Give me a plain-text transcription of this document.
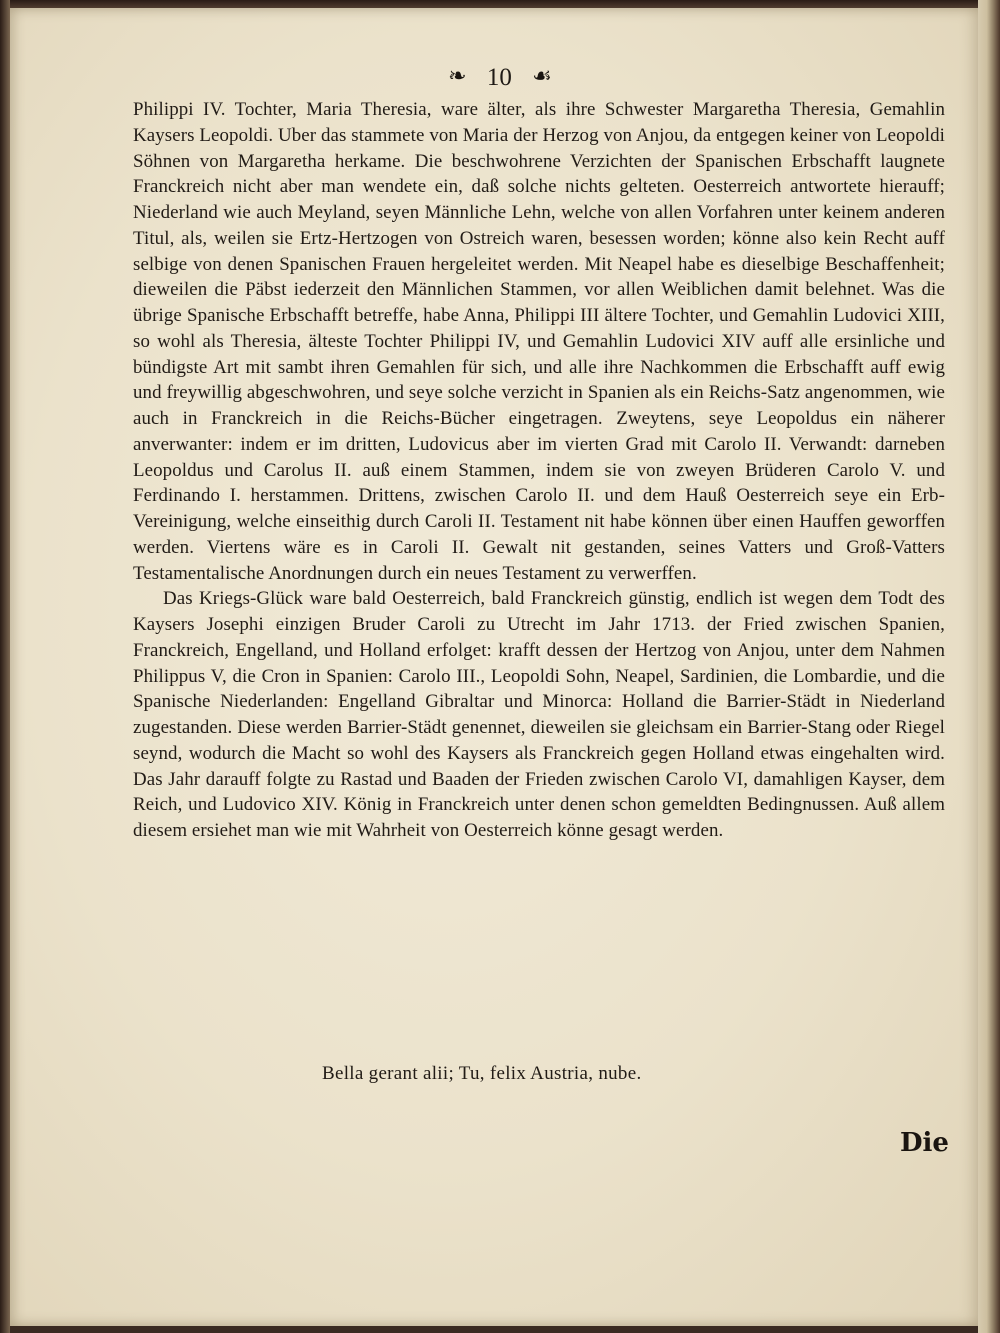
❧ 10 ☙

Philippi IV. Tochter, Maria Theresia, ware älter, als ihre Schwester Margaretha Theresia, Gemahlin Kaysers Leopoldi. Uber das stammete von Maria der Herzog von Anjou, da entgegen keiner von Leopoldi Söhnen von Margaretha herkame. Die beschwohrene Verzichten der Spanischen Erbschafft laugnete Franckreich nicht aber man wendete ein, daß solche nichts gelteten. Oesterreich antwortete hierauff; Niederland wie auch Meyland, seyen Männliche Lehn, welche von allen Vorfahren unter keinem anderen Titul, als, weilen sie Ertz-Hertzogen von Ostreich waren, besessen worden; könne also kein Recht auff selbige von denen Spanischen Frauen hergeleitet werden. Mit Neapel habe es dieselbige Beschaffenheit; dieweilen die Päbst iederzeit den Männlichen Stammen, vor allen Weiblichen damit belehnet. Was die übrige Spanische Erbschafft betreffe, habe Anna, Philippi III ältere Tochter, und Gemahlin Ludovici XIII, so wohl als Theresia, älteste Tochter Philippi IV, und Gemahlin Ludovici XIV auff alle ersinliche und bündigste Art mit sambt ihren Gemahlen für sich, und alle ihre Nachkommen die Erbschafft auff ewig und freywillig abgeschwohren, und seye solche verzicht in Spanien als ein Reichs-Satz angenommen, wie auch in Franckreich in die Reichs-Bücher eingetragen. Zweytens, seye Leopoldus ein näherer anverwanter: indem er im dritten, Ludovicus aber im vierten Grad mit Carolo II. Verwandt: darneben Leopoldus und Carolus II. auß einem Stammen, indem sie von zweyen Brüderen Carolo V. und Ferdinando I. herstammen. Drittens, zwischen Carolo II. und dem Hauß Oesterreich seye ein Erb-Vereinigung, welche einseithig durch Caroli II. Testament nit habe können über einen Hauffen geworffen werden. Viertens wäre es in Caroli II. Gewalt nit gestanden, seines Vatters und Groß-Vatters Testamentalische Anordnungen durch ein neues Testament zu verwerffen.

Das Kriegs-Glück ware bald Oesterreich, bald Franckreich günstig, endlich ist wegen dem Todt des Kaysers Josephi einzigen Bruder Caroli zu Utrecht im Jahr 1713. der Fried zwischen Spanien, Franckreich, Engelland, und Holland erfolget: krafft dessen der Hertzog von Anjou, unter dem Nahmen Philippus V, die Cron in Spanien: Carolo III., Leopoldi Sohn, Neapel, Sardinien, die Lombardie, und die Spanische Niederlanden: Engelland Gibraltar und Minorca: Holland die Barrier-Städt in Niederland zugestanden. Diese werden Barrier-Städt genennet, dieweilen sie gleichsam ein Barrier-Stang oder Riegel seynd, wodurch die Macht so wohl des Kaysers als Franckreich gegen Holland etwas eingehalten wird. Das Jahr darauff folgte zu Rastad und Baaden der Frieden zwischen Carolo VI, damahligen Kayser, dem Reich, und Ludovico XIV. König in Franckreich unter denen schon gemeldten Bedingnussen. Auß allem diesem ersiehet man wie mit Wahrheit von Oesterreich könne gesagt werden.

Bella gerant alii; Tu, felix Austria, nube.
Die
